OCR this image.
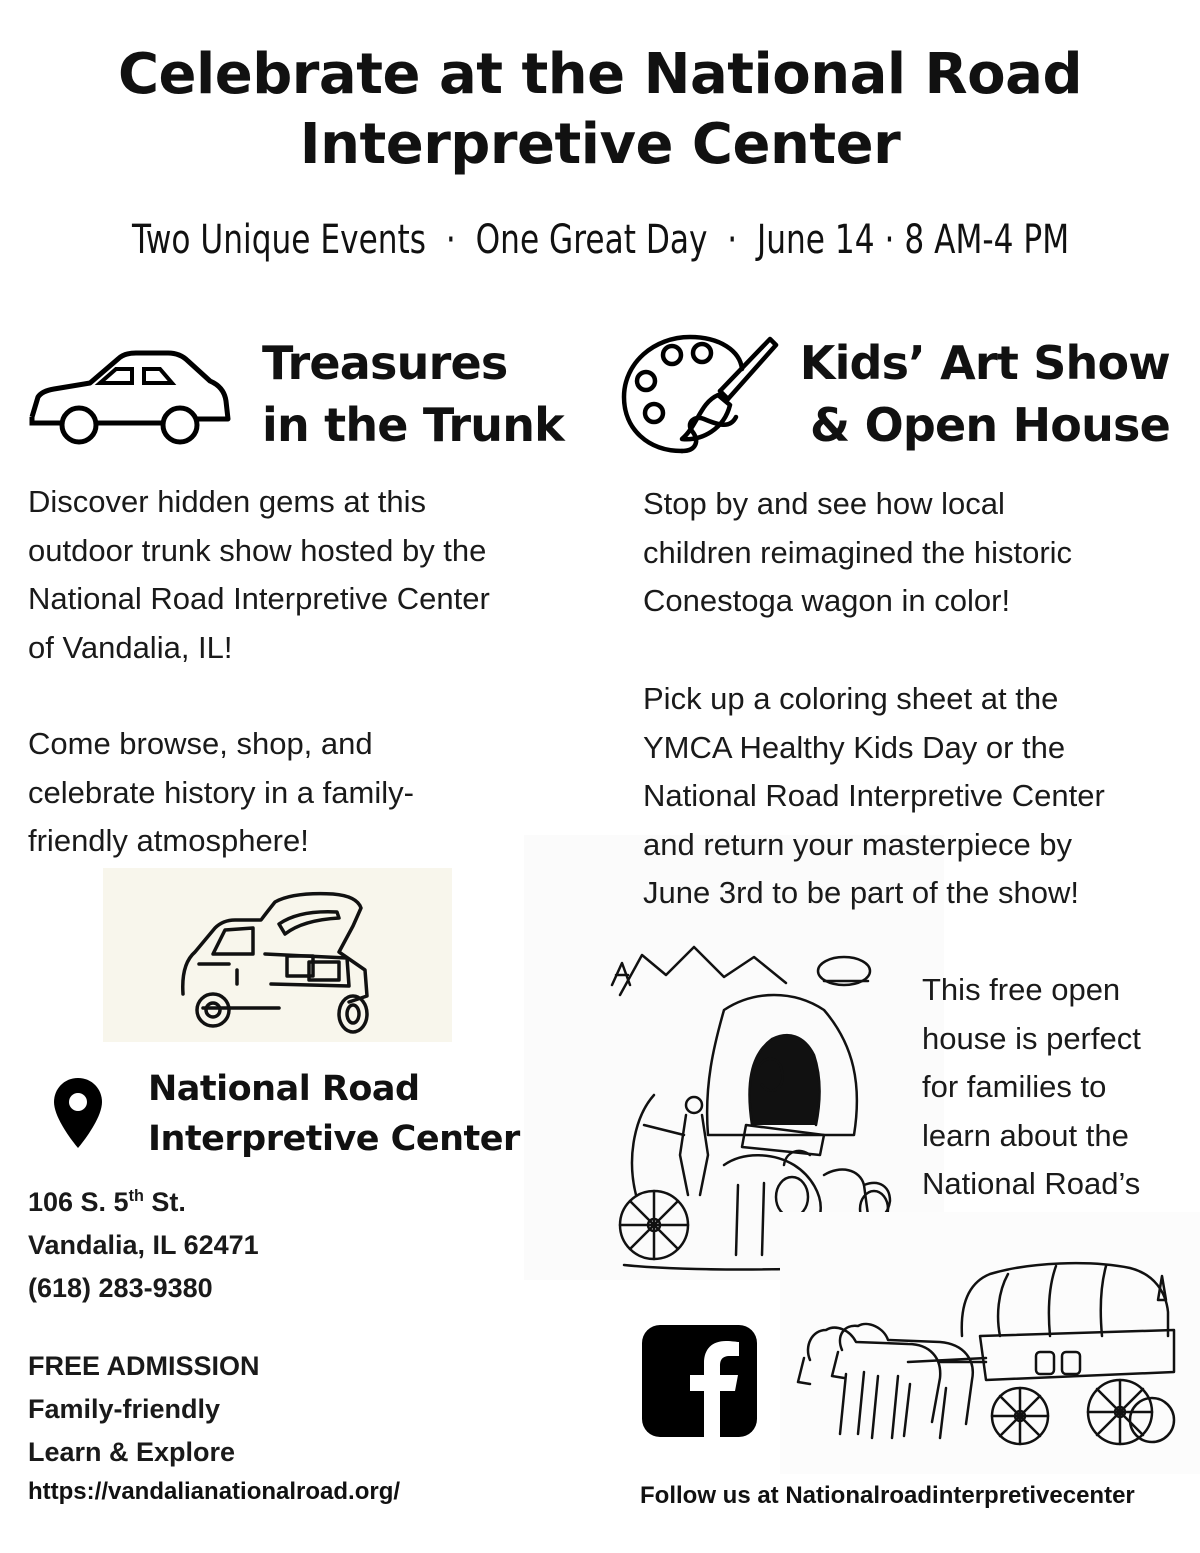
Celebrate at the National Road
Interpretive Center
Two Unique Events  ·  One Great Day  ·  June 14 · 8 AM-4 PM
Treasures
in the Trunk
Discover hidden gems at this
outdoor trunk show hosted by the
National Road Interpretive Center
of Vandalia, IL!
Come browse, shop, and
celebrate history in a family-
friendly atmosphere!
National Road
Interpretive Center
106 S. 5th St.
Vandalia, IL 62471
(618) 283-9380
FREE ADMISSION
Family-friendly
Learn & Explore
https://vandalianationalroad.org/
Kids’ Art Show
& Open House
Stop by and see how local
children reimagined the historic
Conestoga wagon in color!
Pick up a coloring sheet at the
YMCA Healthy Kids Day or the
National Road Interpretive Center
and return your masterpiece by
June 3rd to be part of the show!
This free open
house is perfect
for families to
learn about the
National Road’s
Follow us at Nationalroadinterpretivecenter
